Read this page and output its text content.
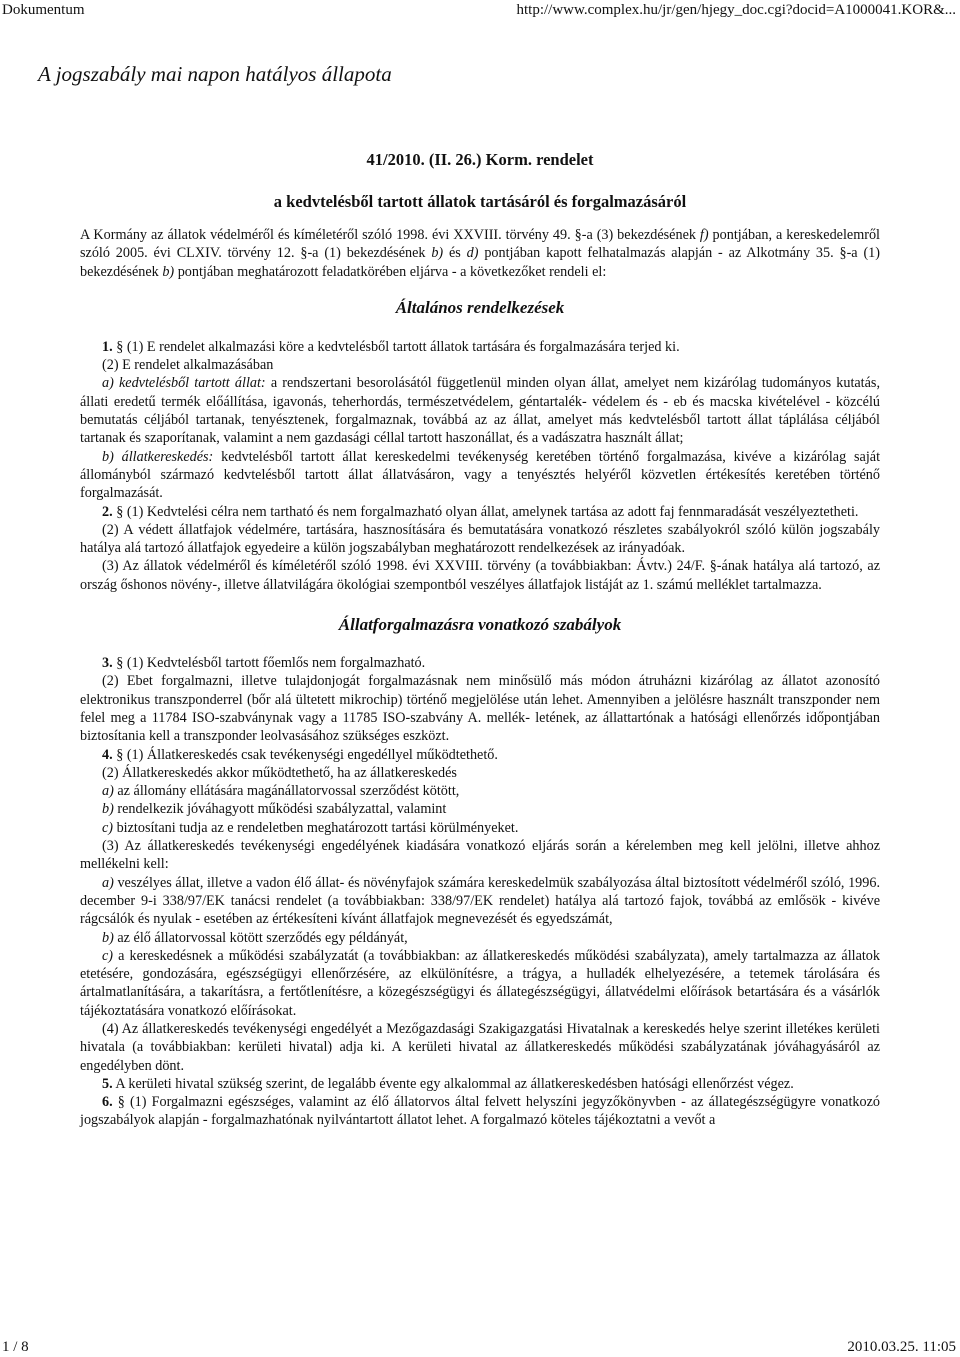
Dokumentum	http://www.complex.hu/jr/gen/hjegy_doc.cgi?docid=A1000041.KOR&...
A jogszabály mai napon hatályos állapota
41/2010. (II. 26.) Korm. rendelet
a kedvtelésből tartott állatok tartásáról és forgalmazásáról

A Kormány az állatok védelméről és kíméletéről szóló 1998. évi XXVIII. törvény 49. §-a (3) bekezdésének f) pontjában, a kereskedelemről szóló 2005. évi CLXIV. törvény 12. §-a (1) bekezdésének b) és d) pontjában kapott felhatalmazás alapján - az Alkotmány 35. §-a (1) bekezdésének b) pontjában meghatározott feladatkörében eljárva - a következőket rendeli el:

Általános rendelkezések

1. § (1) E rendelet alkalmazási köre a kedvtelésből tartott állatok tartására és forgalmazására terjed ki.

(2) E rendelet alkalmazásában

a) kedvtelésből tartott állat: a rendszertani besorolásától függetlenül minden olyan állat, amelyet nem kizárólag tudományos kutatás, állati eredetű termék előállítása, igavonás, teherhordás, természetvédelem, géntartalék- védelem és - eb és macska kivételével - közcélú bemutatás céljából tartanak, tenyésztenek, forgalmaznak, továbbá az az állat, amelyet más kedvtelésből tartott állat táplálása céljából tartanak és szaporítanak, valamint a nem gazdasági céllal tartott haszonállat, és a vadászatra használt állat;

b) állatkereskedés: kedvtelésből tartott állat kereskedelmi tevékenység keretében történő forgalmazása, kivéve a kizárólag saját állományból származó kedvtelésből tartott állat állatvásáron, vagy a tenyésztés helyéről közvetlen értékesítés keretében történő forgalmazását.

2. § (1) Kedvtelési célra nem tartható és nem forgalmazható olyan állat, amelynek tartása az adott faj fennmaradását veszélyeztetheti.

(2) A védett állatfajok védelmére, tartására, hasznosítására és bemutatására vonatkozó részletes szabályokról szóló külön jogszabály hatálya alá tartozó állatfajok egyedeire a külön jogszabályban meghatározott rendelkezések az irányadóak.

(3) Az állatok védelméről és kíméletéről szóló 1998. évi XXVIII. törvény (a továbbiakban: Ávtv.) 24/F. §-ának hatálya alá tartozó, az ország őshonos növény-, illetve állatvilágára ökológiai szempontból veszélyes állatfajok listáját az 1. számú melléklet tartalmazza.

Állatforgalmazásra vonatkozó szabályok

3. § (1) Kedvtelésből tartott főemlős nem forgalmazható.

(2) Ebet forgalmazni, illetve tulajdonjogát forgalmazásnak nem minősülő más módon átruházni kizárólag az állatot azonosító elektronikus transzponderrel (bőr alá ültetett mikrochip) történő megjelölése után lehet. Amennyiben a jelölésre használt transzponder nem felel meg a 11784 ISO-szabványnak vagy a 11785 ISO-szabvány A. mellék- letének, az állattartónak a hatósági ellenőrzés időpontjában biztosítania kell a transzponder leolvasásához szükséges eszközt.

4. § (1) Állatkereskedés csak tevékenységi engedéllyel működtethető.

(2) Állatkereskedés akkor működtethető, ha az állatkereskedés

a) az állomány ellátására magánállatorvossal szerződést kötött,

b) rendelkezik jóváhagyott működési szabályzattal, valamint

c) biztosítani tudja az e rendeletben meghatározott tartási körülményeket.

(3) Az állatkereskedés tevékenységi engedélyének kiadására vonatkozó eljárás során a kérelemben meg kell jelölni, illetve ahhoz mellékelni kell:

a) veszélyes állat, illetve a vadon élő állat- és növényfajok számára kereskedelmük szabályozása által biztosított védelméről szóló, 1996. december 9-i 338/97/EK tanácsi rendelet (a továbbiakban: 338/97/EK rendelet) hatálya alá tartozó fajok, továbbá az emlősök - kivéve rágcsálók és nyulak - esetében az értékesíteni kívánt állatfajok megnevezését és egyedszámát,

b) az élő állatorvossal kötött szerződés egy példányát,

c) a kereskedésnek a működési szabályzatát (a továbbiakban: az állatkereskedés működési szabályzata), amely tartalmazza az állatok etetésére, gondozására, egészségügyi ellenőrzésére, az elkülönítésre, a trágya, a hulladék elhelyezésére, a tetemek tárolására és ártalmatlanítására, a takarításra, a fertőtlenítésre, a közegészségügyi és állategészségügyi, állatvédelmi előírások betartására és a vásárlók tájékoztatására vonatkozó előírásokat.

(4) Az állatkereskedés tevékenységi engedélyét a Mezőgazdasági Szakigazgatási Hivatalnak a kereskedés helye szerint illetékes kerületi hivatala (a továbbiakban: kerületi hivatal) adja ki. A kerületi hivatal az állatkereskedés működési szabályzatának jóváhagyásáról az engedélyben dönt.

5. A kerületi hivatal szükség szerint, de legalább évente egy alkalommal az állatkereskedésben hatósági ellenőrzést végez.

6. § (1) Forgalmazni egészséges, valamint az élő állatorvos által felvett helyszíni jegyzőkönyvben - az állategészségügyre vonatkozó jogszabályok alapján - forgalmazhatónak nyilvántartott állatot lehet. A forgalmazó köteles tájékoztatni a vevőt a

1 / 8	2010.03.25. 11:05
